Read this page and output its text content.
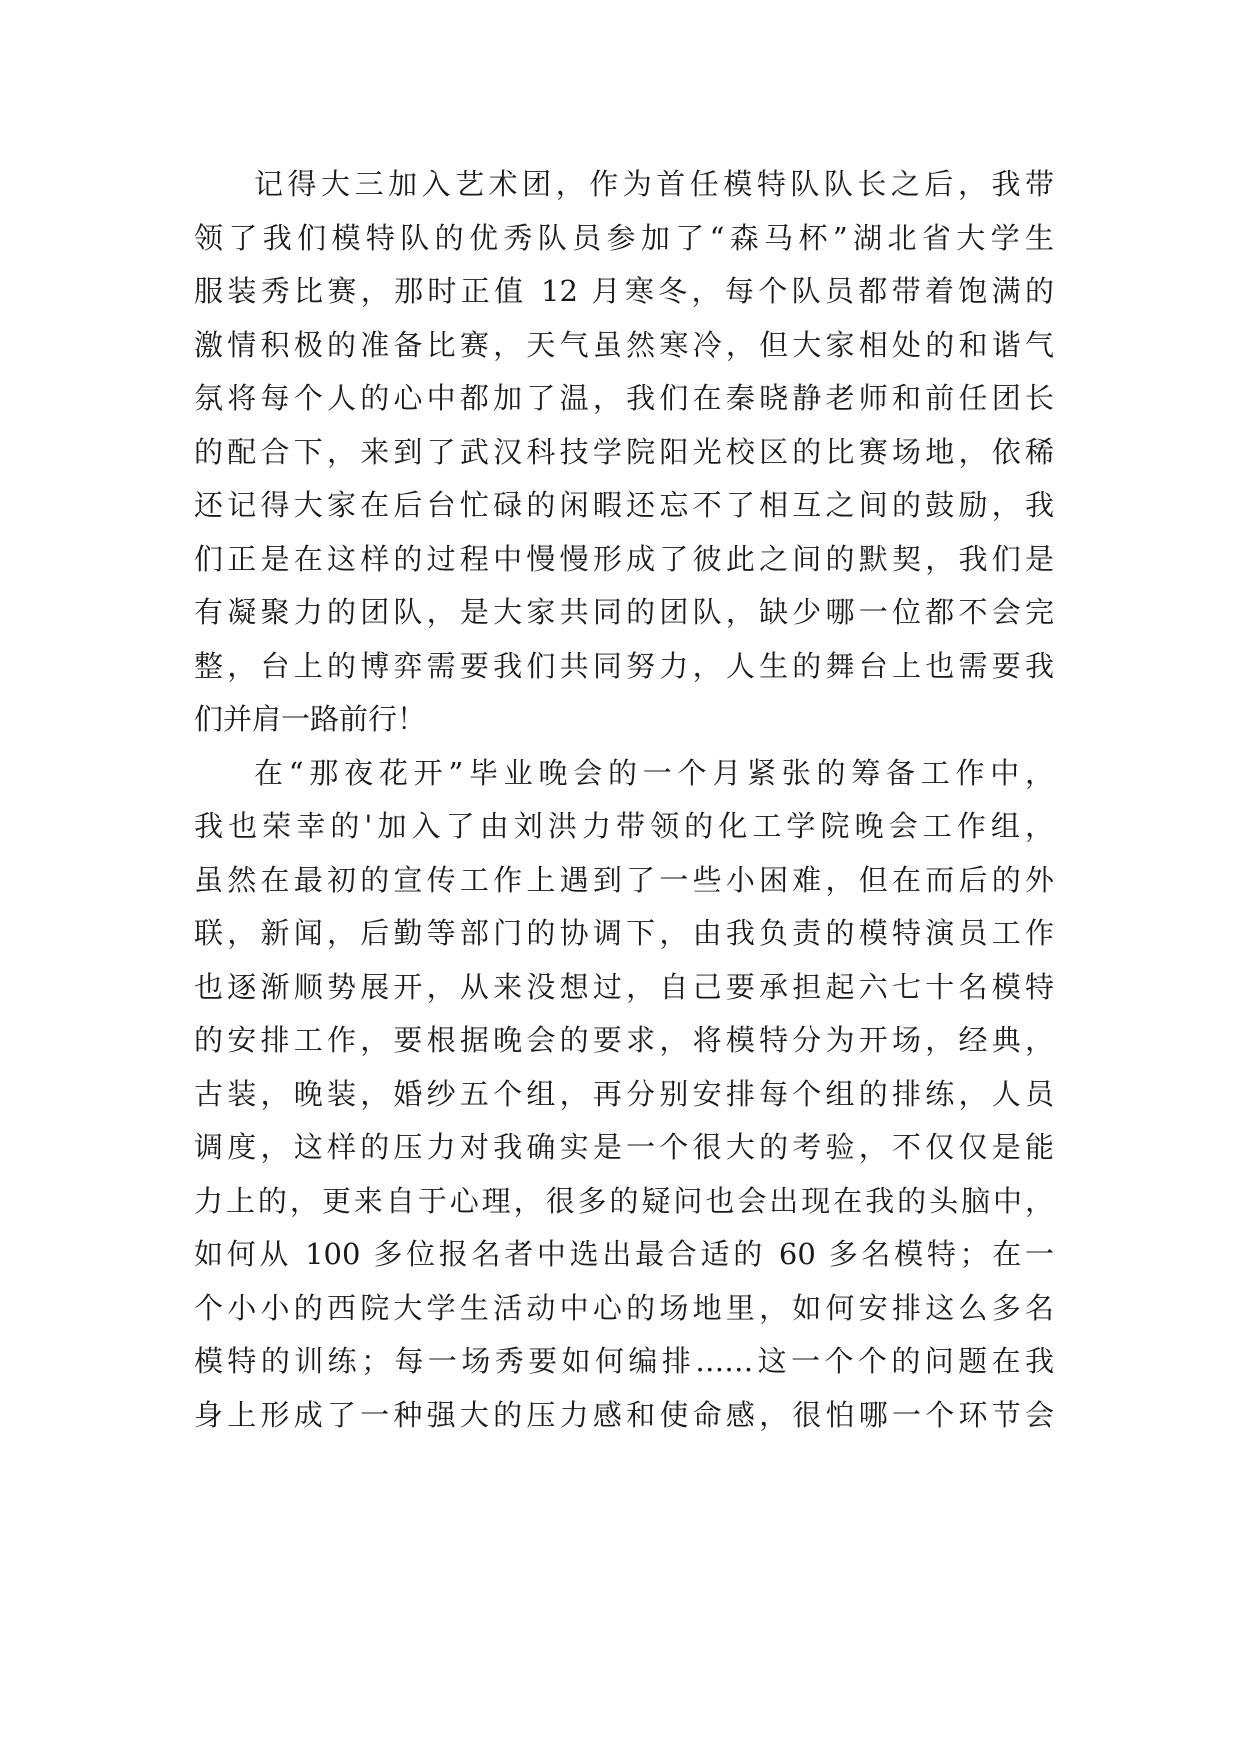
记得大三加入艺术团，作为首任模特队队长之后，我带
领了我们模特队的优秀队员参加了“森马杯”湖北省大学生
服装秀比赛，那时正值 12 月寒冬，每个队员都带着饱满的
激情积极的准备比赛，天气虽然寒冷，但大家相处的和谐气
氛将每个人的心中都加了温，我们在秦晓静老师和前任团长
的配合下，来到了武汉科技学院阳光校区的比赛场地，依稀
还记得大家在后台忙碌的闲暇还忘不了相互之间的鼓励，我
们正是在这样的过程中慢慢形成了彼此之间的默契，我们是
有凝聚力的团队，是大家共同的团队，缺少哪一位都不会完
整，台上的博弈需要我们共同努力，人生的舞台上也需要我
们并肩一路前行！
在“那夜花开”毕业晚会的一个月紧张的筹备工作中，
我也荣幸的'加入了由刘洪力带领的化工学院晚会工作组，
虽然在最初的宣传工作上遇到了一些小困难，但在而后的外
联，新闻，后勤等部门的协调下，由我负责的模特演员工作
也逐渐顺势展开，从来没想过，自己要承担起六七十名模特
的安排工作，要根据晚会的要求，将模特分为开场，经典，
古装，晚装，婚纱五个组，再分别安排每个组的排练，人员
调度，这样的压力对我确实是一个很大的考验，不仅仅是能
力上的，更来自于心理，很多的疑问也会出现在我的头脑中，
如何从 100 多位报名者中选出最合适的 60 多名模特；在一
个小小的西院大学生活动中心的场地里，如何安排这么多名
模特的训练；每一场秀要如何编排……这一个个的问题在我
身上形成了一种强大的压力感和使命感，很怕哪一个环节会
